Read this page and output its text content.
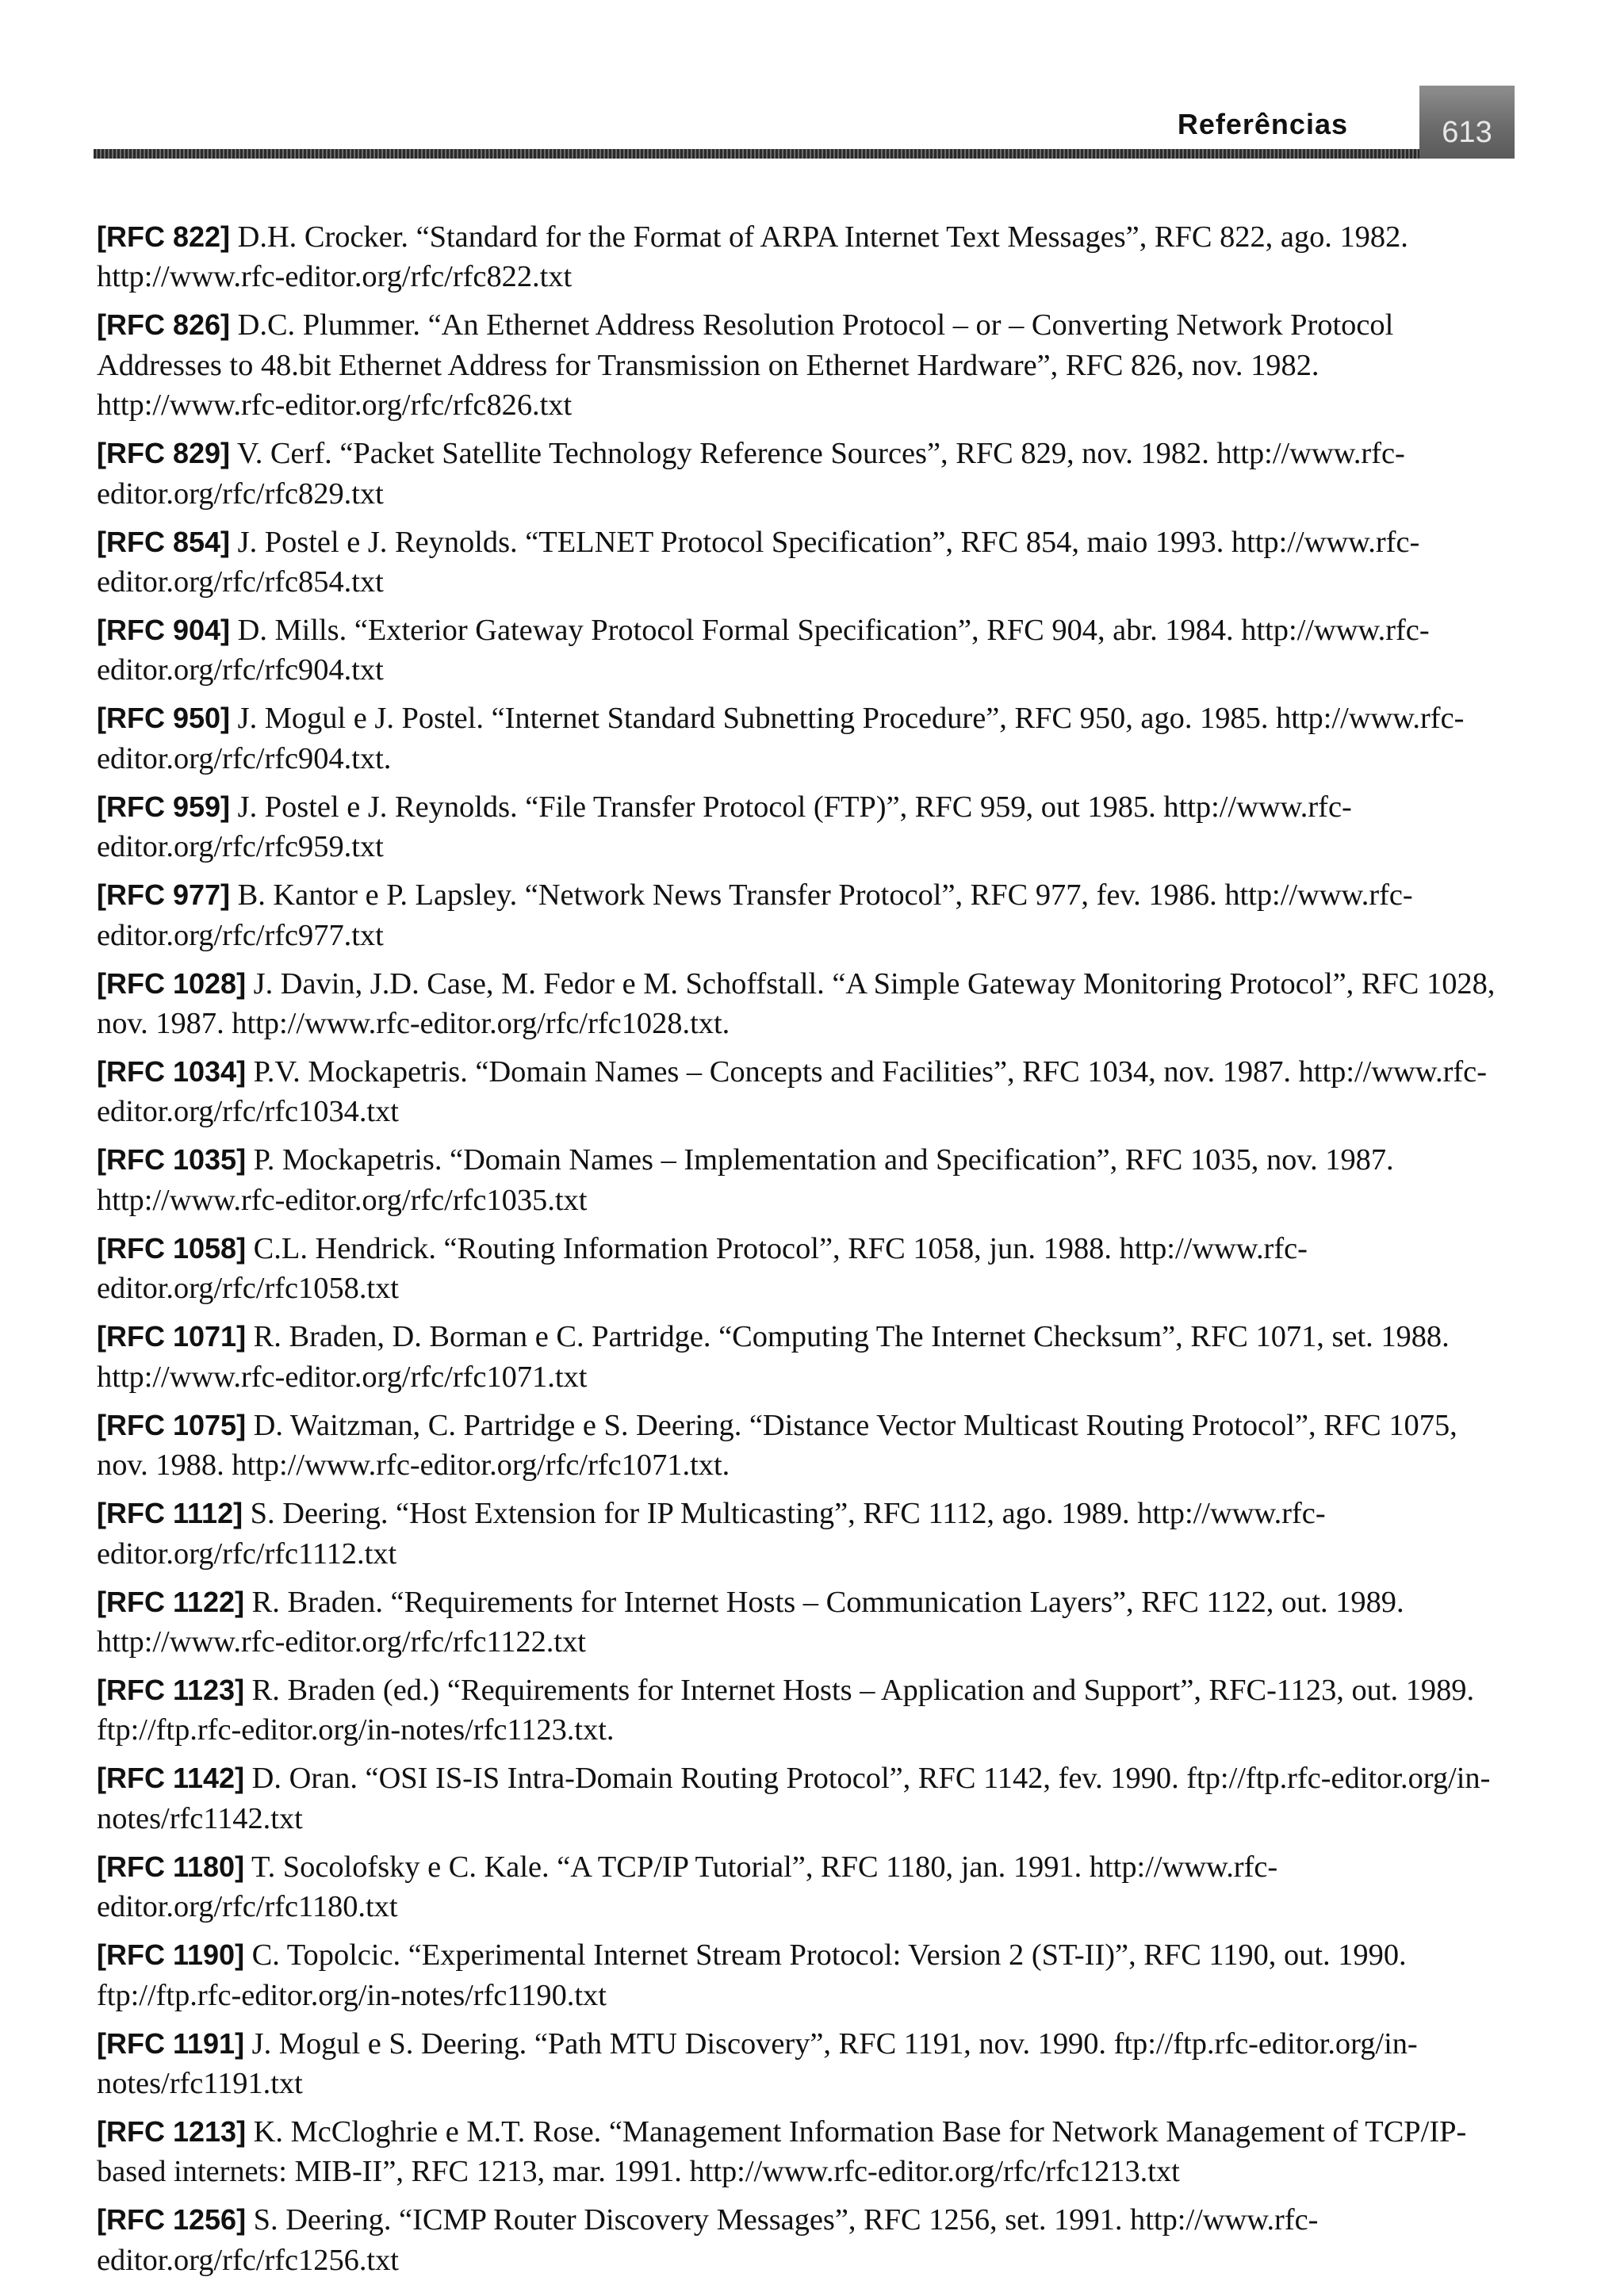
Referências	613

[RFC 822] D.H. Crocker. “Standard for the Format of ARPA Internet Text Messages”, RFC 822, ago. 1982. http://www.rfc-editor.org/rfc/rfc822.txt

[RFC 826] D.C. Plummer. “An Ethernet Address Resolution Protocol – or – Converting Network Protocol Addresses to 48.bit Ethernet Address for Transmission on Ethernet Hardware”, RFC 826, nov. 1982. http://www.rfc-editor.org/rfc/rfc826.txt

[RFC 829] V. Cerf. “Packet Satellite Technology Reference Sources”, RFC 829, nov. 1982. http://www.rfc-editor.org/rfc/rfc829.txt

[RFC 854] J. Postel e J. Reynolds. “TELNET Protocol Specification”, RFC 854, maio 1993. http://www.rfc-editor.org/rfc/rfc854.txt

[RFC 904] D. Mills. “Exterior Gateway Protocol Formal Specification”, RFC 904, abr. 1984. http://www.rfc-editor.org/rfc/rfc904.txt

[RFC 950] J. Mogul e J. Postel. “Internet Standard Subnetting Procedure”, RFC 950, ago. 1985. http://www.rfc-editor.org/rfc/rfc904.txt.

[RFC 959] J. Postel e J. Reynolds. “File Transfer Protocol (FTP)”, RFC 959, out 1985. http://www.rfc-editor.org/rfc/rfc959.txt

[RFC 977] B. Kantor e P. Lapsley. “Network News Transfer Protocol”, RFC 977, fev. 1986. http://www.rfc-editor.org/rfc/rfc977.txt

[RFC 1028] J. Davin, J.D. Case, M. Fedor e M. Schoffstall. “A Simple Gateway Monitoring Protocol”, RFC 1028, nov. 1987. http://www.rfc-editor.org/rfc/rfc1028.txt.

[RFC 1034] P.V. Mockapetris. “Domain Names – Concepts and Facilities”, RFC 1034, nov. 1987. http://www.rfc-editor.org/rfc/rfc1034.txt

[RFC 1035] P. Mockapetris. “Domain Names – Implementation and Specification”, RFC 1035, nov. 1987. http://www.rfc-editor.org/rfc/rfc1035.txt

[RFC 1058] C.L. Hendrick. “Routing Information Protocol”, RFC 1058, jun. 1988. http://www.rfc-editor.org/rfc/rfc1058.txt

[RFC 1071] R. Braden, D. Borman e C. Partridge. “Computing The Internet Checksum”, RFC 1071, set. 1988. http://www.rfc-editor.org/rfc/rfc1071.txt

[RFC 1075] D. Waitzman, C. Partridge e S. Deering. “Distance Vector Multicast Routing Protocol”, RFC 1075, nov. 1988. http://www.rfc-editor.org/rfc/rfc1071.txt.

[RFC 1112] S. Deering. “Host Extension for IP Multicasting”, RFC 1112, ago. 1989. http://www.rfc-editor.org/rfc/rfc1112.txt

[RFC 1122] R. Braden. “Requirements for Internet Hosts – Communication Layers”, RFC 1122, out. 1989. http://www.rfc-editor.org/rfc/rfc1122.txt

[RFC 1123] R. Braden (ed.) “Requirements for Internet Hosts – Application and Support”, RFC-1123, out. 1989. ftp://ftp.rfc-editor.org/in-notes/rfc1123.txt.

[RFC 1142] D. Oran. “OSI IS-IS Intra-Domain Routing Protocol”, RFC 1142, fev. 1990. ftp://ftp.rfc-editor.org/in-notes/rfc1142.txt

[RFC 1180] T. Socolofsky e C. Kale. “A TCP/IP Tutorial”, RFC 1180, jan. 1991. http://www.rfc-editor.org/rfc/rfc1180.txt

[RFC 1190] C. Topolcic. “Experimental Internet Stream Protocol: Version 2 (ST-II)”, RFC 1190, out. 1990. ftp://ftp.rfc-editor.org/in-notes/rfc1190.txt

[RFC 1191] J. Mogul e S. Deering. “Path MTU Discovery”, RFC 1191, nov. 1990. ftp://ftp.rfc-editor.org/in-notes/rfc1191.txt

[RFC 1213] K. McCloghrie e M.T. Rose. “Management Information Base for Network Management of TCP/IP-based internets: MIB-II”, RFC 1213, mar. 1991. http://www.rfc-editor.org/rfc/rfc1213.txt

[RFC 1256] S. Deering. “ICMP Router Discovery Messages”, RFC 1256, set. 1991. http://www.rfc-editor.org/rfc/rfc1256.txt
